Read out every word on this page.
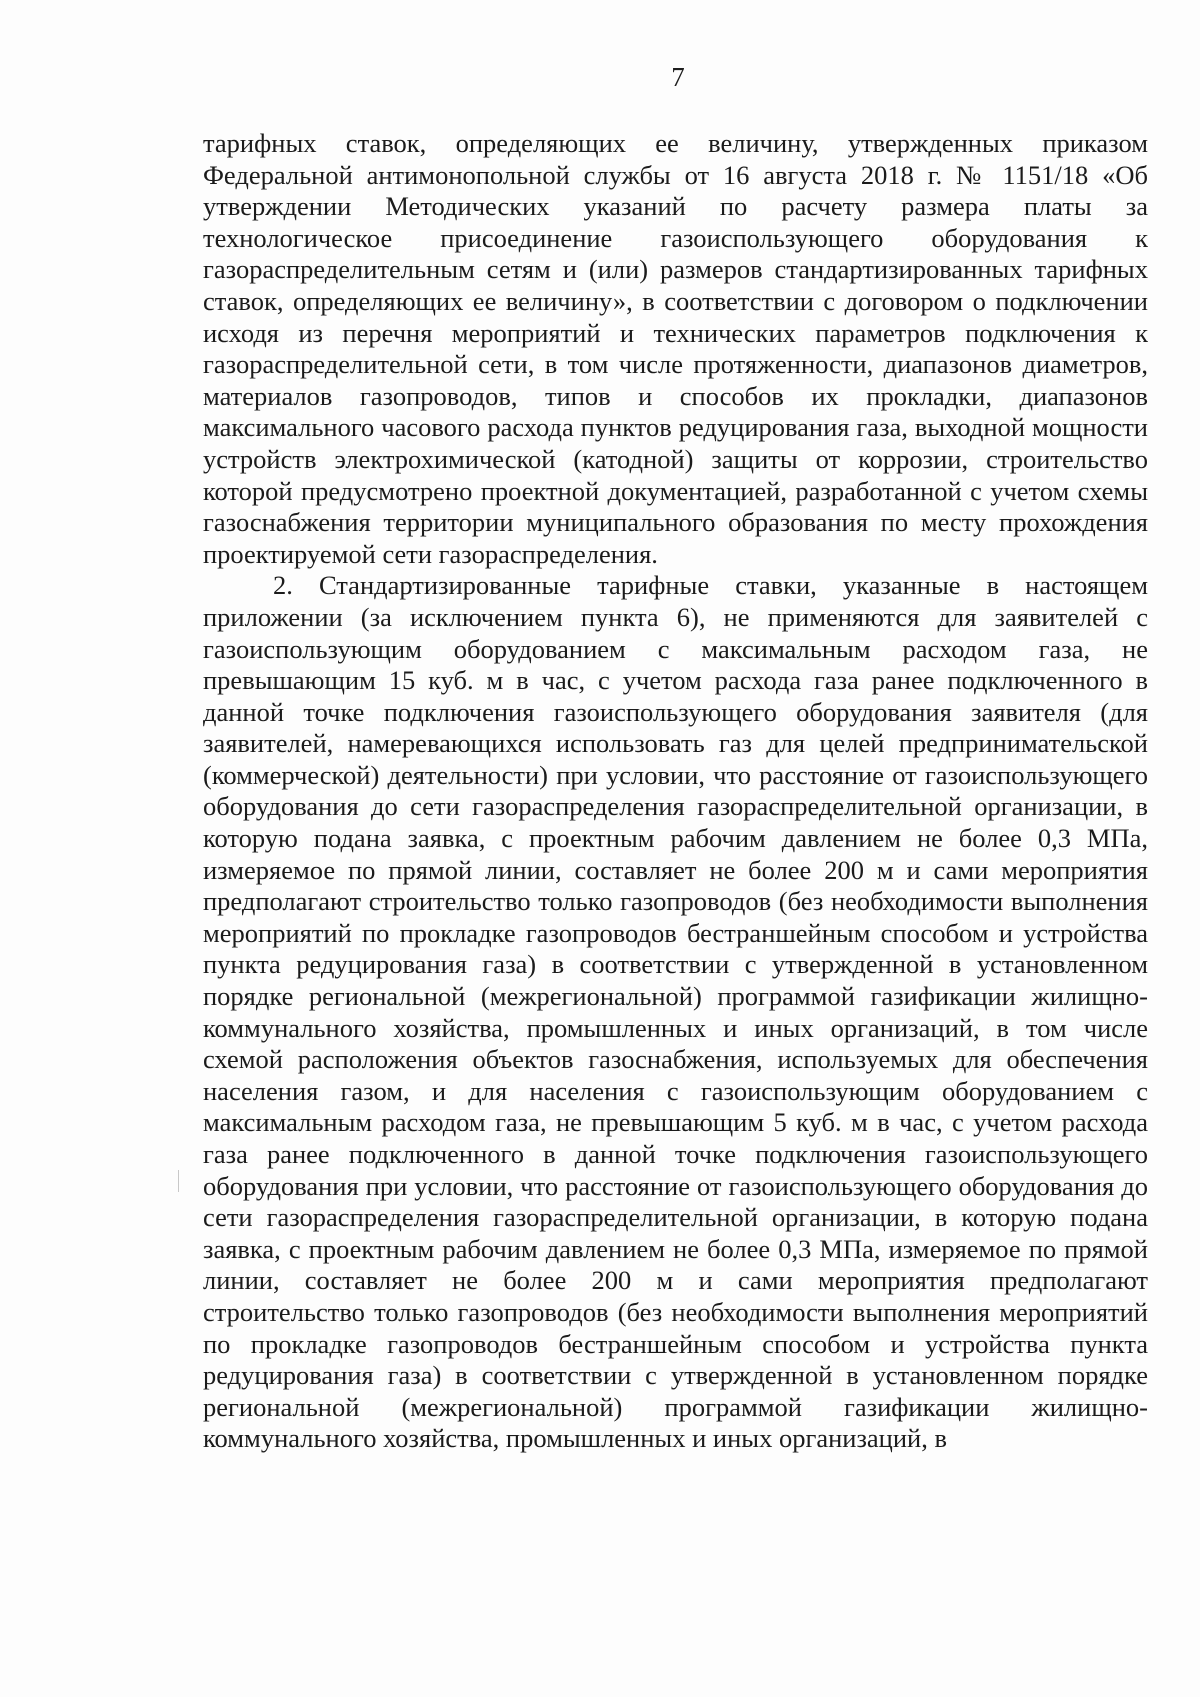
7

тарифных ставок, определяющих ее величину, утвержденных приказом Федеральной антимонопольной службы от 16 августа 2018 г. № 1151/18 «Об утверждении Методических указаний по расчету размера платы за технологическое присоединение газоиспользующего оборудования к газораспределительным сетям и (или) размеров стандартизированных тарифных ставок, определяющих ее величину», в соответствии с договором о подключении исходя из перечня мероприятий и технических параметров подключения к газораспределительной сети, в том числе протяженности, диапазонов диаметров, материалов газопроводов, типов и способов их прокладки, диапазонов максимального часового расхода пунктов редуцирования газа, выходной мощности устройств электрохимической (катодной) защиты от коррозии, строительство которой предусмотрено проектной документацией, разработанной с учетом схемы газоснабжения территории муниципального образования по месту прохождения проектируемой сети газораспределения.

2. Стандартизированные тарифные ставки, указанные в настоящем приложении (за исключением пункта 6), не применяются для заявителей с газоиспользующим оборудованием с максимальным расходом газа, не превышающим 15 куб. м в час, с учетом расхода газа ранее подключенного в данной точке подключения газоиспользующего оборудования заявителя (для заявителей, намеревающихся использовать газ для целей предпринимательской (коммерческой) деятельности) при условии, что расстояние от газоиспользующего оборудования до сети газораспределения газораспределительной организации, в которую подана заявка, с проектным рабочим давлением не более 0,3 МПа, измеряемое по прямой линии, составляет не более 200 м и сами мероприятия предполагают строительство только газопроводов (без необходимости выполнения мероприятий по прокладке газопроводов бестраншейным способом и устройства пункта редуцирования газа) в соответствии с утвержденной в установленном порядке региональной (межрегиональной) программой газификации жилищно-коммунального хозяйства, промышленных и иных организаций, в том числе схемой расположения объектов газоснабжения, используемых для обеспечения населения газом, и для населения с газоиспользующим оборудованием с максимальным расходом газа, не превышающим 5 куб. м в час, с учетом расхода газа ранее подключенного в данной точке подключения газоиспользующего оборудования при условии, что расстояние от газоиспользующего оборудования до сети газораспределения газораспределительной организации, в которую подана заявка, с проектным рабочим давлением не более 0,3 МПа, измеряемое по прямой линии, составляет не более 200 м и сами мероприятия предполагают строительство только газопроводов (без необходимости выполнения мероприятий по прокладке газопроводов бестраншейным способом и устройства пункта редуцирования газа) в соответствии с утвержденной в установленном порядке региональной (межрегиональной) программой газификации жилищно-коммунального хозяйства, промышленных и иных организаций, в
